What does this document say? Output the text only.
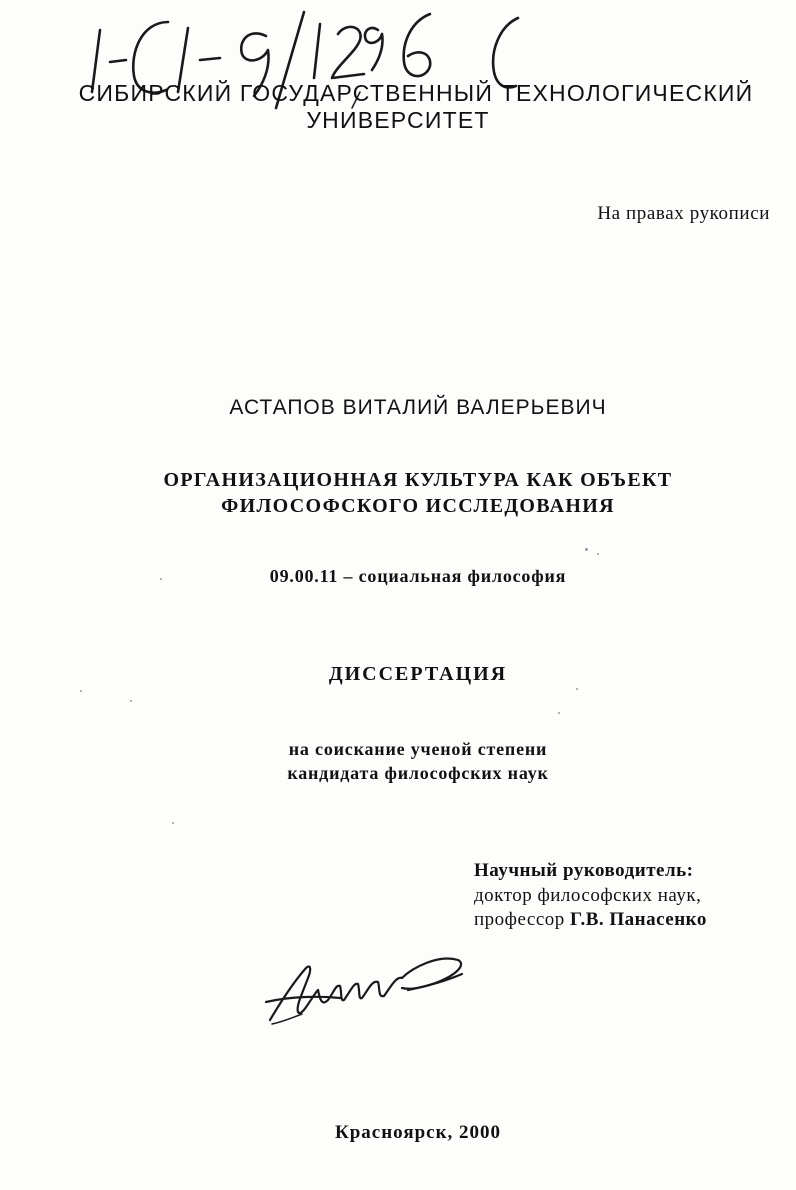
СИБИРСКИЙ ГОСУДАРСТВЕННЫЙ ТЕХНОЛОГИЧЕСКИЙ
УНИВЕРСИТЕТ
На правах рукописи
АСТАПОВ ВИТАЛИЙ ВАЛЕРЬЕВИЧ
ОРГАНИЗАЦИОННАЯ КУЛЬТУРА КАК ОБЪЕКТ
ФИЛОСОФСКОГО ИССЛЕДОВАНИЯ
09.00.11 – социальная философия
ДИССЕРТАЦИЯ
на соискание ученой степени
кандидата философских наук
Научный руководитель:
доктор философских наук,
профессор Г.В. Панасенко
Красноярск, 2000
